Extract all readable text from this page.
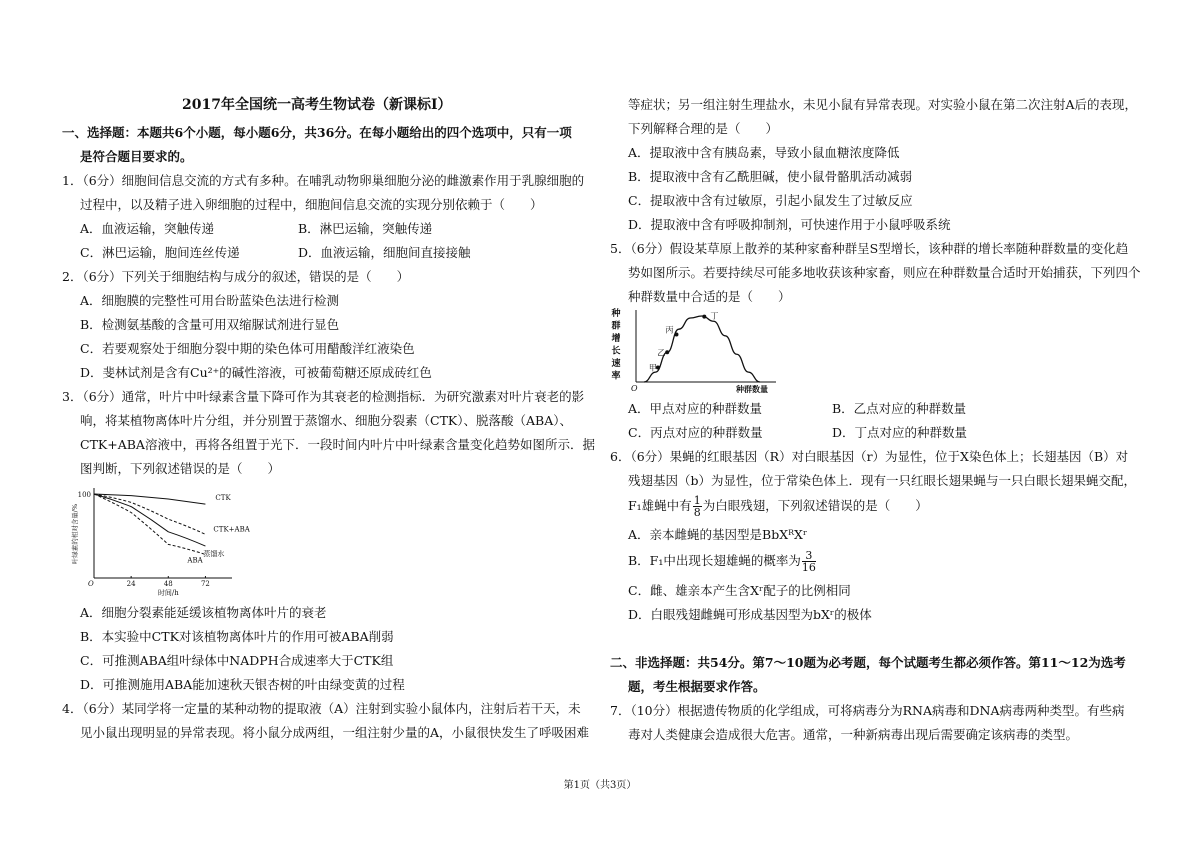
2017年全国统一高考生物试卷（新课标I）
一、选择题：本题共6个小题，每小题6分，共36分。在每小题给出的四个选项中，只有一项
是符合题目要求的。
1．（6分）细胞间信息交流的方式有多种。在哺乳动物卵巢细胞分泌的雌激素作用于乳腺细胞的
过程中，以及精子进入卵细胞的过程中，细胞间信息交流的实现分别依赖于（　　）
A．血液运输，突触传递	B．淋巴运输，突触传递
C．淋巴运输，胞间连丝传递	D．血液运输，细胞间直接接触
2．（6分）下列关于细胞结构与成分的叙述，错误的是（　　）
A．细胞膜的完整性可用台盼蓝染色法进行检测
B．检测氨基酸的含量可用双缩脲试剂进行显色
C．若要观察处于细胞分裂中期的染色体可用醋酸洋红液染色
D．斐林试剂是含有Cu²⁺的碱性溶液，可被葡萄糖还原成砖红色
3．（6分）通常，叶片中叶绿素含量下降可作为其衰老的检测指标．为研究激素对叶片衰老的影
响，将某植物离体叶片分组，并分别置于蒸馏水、细胞分裂素（CTK）、脱落酸（ABA）、
CTK+ABA溶液中，再将各组置于光下．一段时间内叶片中叶绿素含量变化趋势如图所示．据
图判断，下列叙述错误的是（　　）
叶绿素的相对含量/%
100
O	24	48	72
时间/h
CTK
CTK+ABA
蒸馏水
ABA
A．细胞分裂素能延缓该植物离体叶片的衰老
B．本实验中CTK对该植物离体叶片的作用可被ABA削弱
C．可推测ABA组叶绿体中NADPH合成速率大于CTK组
D．可推测施用ABA能加速秋天银杏树的叶由绿变黄的过程
4．（6分）某同学将一定量的某种动物的提取液（A）注射到实验小鼠体内，注射后若干天，未
见小鼠出现明显的异常表现。将小鼠分成两组，一组注射少量的A，小鼠很快发生了呼吸困难
等症状；另一组注射生理盐水，未见小鼠有异常表现。对实验小鼠在第二次注射A后的表现，
下列解释合理的是（　　）
A．提取液中含有胰岛素，导致小鼠血糖浓度降低
B．提取液中含有乙酰胆碱，使小鼠骨骼肌活动减弱
C．提取液中含有过敏原，引起小鼠发生了过敏反应
D．提取液中含有呼吸抑制剂，可快速作用于小鼠呼吸系统
5．（6分）假设某草原上散养的某种家畜种群呈S型增长，该种群的增长率随种群数量的变化趋
势如图所示。若要持续尽可能多地收获该种家畜，则应在种群数量合适时开始捕获，下列四个
种群数量中合适的是（　　）
种
群
增
长
速
率
O	种群数量
甲
乙
丙
丁
A．甲点对应的种群数量	B．乙点对应的种群数量
C．丙点对应的种群数量	D．丁点对应的种群数量
6．（6分）果蝇的红眼基因（R）对白眼基因（r）为显性，位于X染色体上；长翅基因（B）对
残翅基因（b）为显性，位于常染色体上．现有一只红眼长翅果蝇与一只白眼长翅果蝇交配，
F₁雄蝇中有 $\frac{1}{8}$ 为白眼残翅，下列叙述错误的是（　　）
A．亲本雌蝇的基因型是BbXᴿXʳ
B．F₁中出现长翅雄蝇的概率为 $\frac{3}{16}$
C．雌、雄亲本产生含Xʳ配子的比例相同
D．白眼残翅雌蝇可形成基因型为bXʳ的极体
二、非选择题：共54分。第7～10题为必考题，每个试题考生都必须作答。第11～12为选考
题，考生根据要求作答。
7．（10分）根据遗传物质的化学组成，可将病毒分为RNA病毒和DNA病毒两种类型。有些病
毒对人类健康会造成很大危害。通常，一种新病毒出现后需要确定该病毒的类型。
第1页（共3页）
